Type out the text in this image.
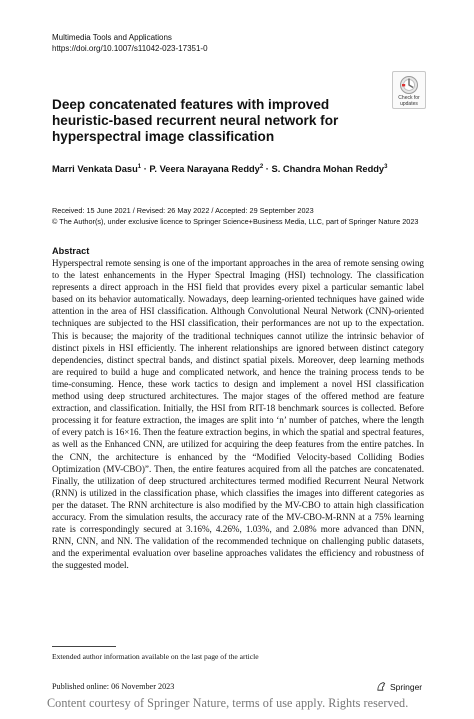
Multimedia Tools and Applications
https://doi.org/10.1007/s11042-023-17351-0
Check for
updates
Deep concatenated features with improved heuristic-based recurrent neural network for hyperspectral image classification
Marri Venkata Dasu$^1$ · P. Veera Narayana Reddy$^2$ · S. Chandra Mohan Reddy$^3$
Received: 15 June 2021 / Revised: 26 May 2022 / Accepted: 29 September 2023
© The Author(s), under exclusive licence to Springer Science+Business Media, LLC, part of Springer Nature 2023
Abstract

Hyperspectral remote sensing is one of the important approaches in the area of remote sensing owing to the latest enhancements in the Hyper Spectral Imaging (HSI) technology. The classification represents a direct approach in the HSI field that provides every pixel a particular semantic label based on its behavior automatically. Nowadays, deep learning-oriented techniques have gained wide attention in the area of HSI classification. Although Convolutional Neural Network (CNN)-oriented techniques are subjected to the HSI classification, their performances are not up to the expectation. This is because; the majority of the traditional techniques cannot utilize the intrinsic behavior of distinct pixels in HSI efficiently. The inherent relationships are ignored between distinct category dependencies, distinct spectral bands, and distinct spatial pixels. Moreover, deep learning methods are required to build a huge and complicated network, and hence the training process tends to be time-consuming. Hence, these work tactics to design and implement a novel HSI classification method using deep structured architectures. The major stages of the offered method are feature extraction, and classification. Initially, the HSI from RIT-18 benchmark sources is collected. Before processing it for feature extraction, the images are split into ‘n’ number of patches, where the length of every patch is 16×16. Then the feature extraction begins, in which the spatial and spectral features, as well as the Enhanced CNN, are utilized for acquiring the deep features from the entire patches. In the CNN, the architecture is enhanced by the “Modified Velocity-based Colliding Bodies Optimization (MV-CBO)”. Then, the entire features acquired from all the patches are concatenated. Finally, the utilization of deep structured architectures termed modified Recurrent Neural Network (RNN) is utilized in the classification phase, which classifies the images into different categories as per the dataset. The RNN architecture is also modified by the MV-CBO to attain high classification accuracy. From the simulation results, the accuracy rate of the MV-CBO-M-RNN at a 75% learning rate is correspondingly secured at 3.16%, 4.26%, 1.03%, and 2.08% more advanced than DNN, RNN, CNN, and NN. The validation of the recommended technique on challenging public datasets, and the experimental evaluation over baseline approaches validates the efficiency and robustness of the suggested model.

Extended author information available on the last page of the article
Published online: 06 November 2023	Springer
Content courtesy of Springer Nature, terms of use apply. Rights reserved.
